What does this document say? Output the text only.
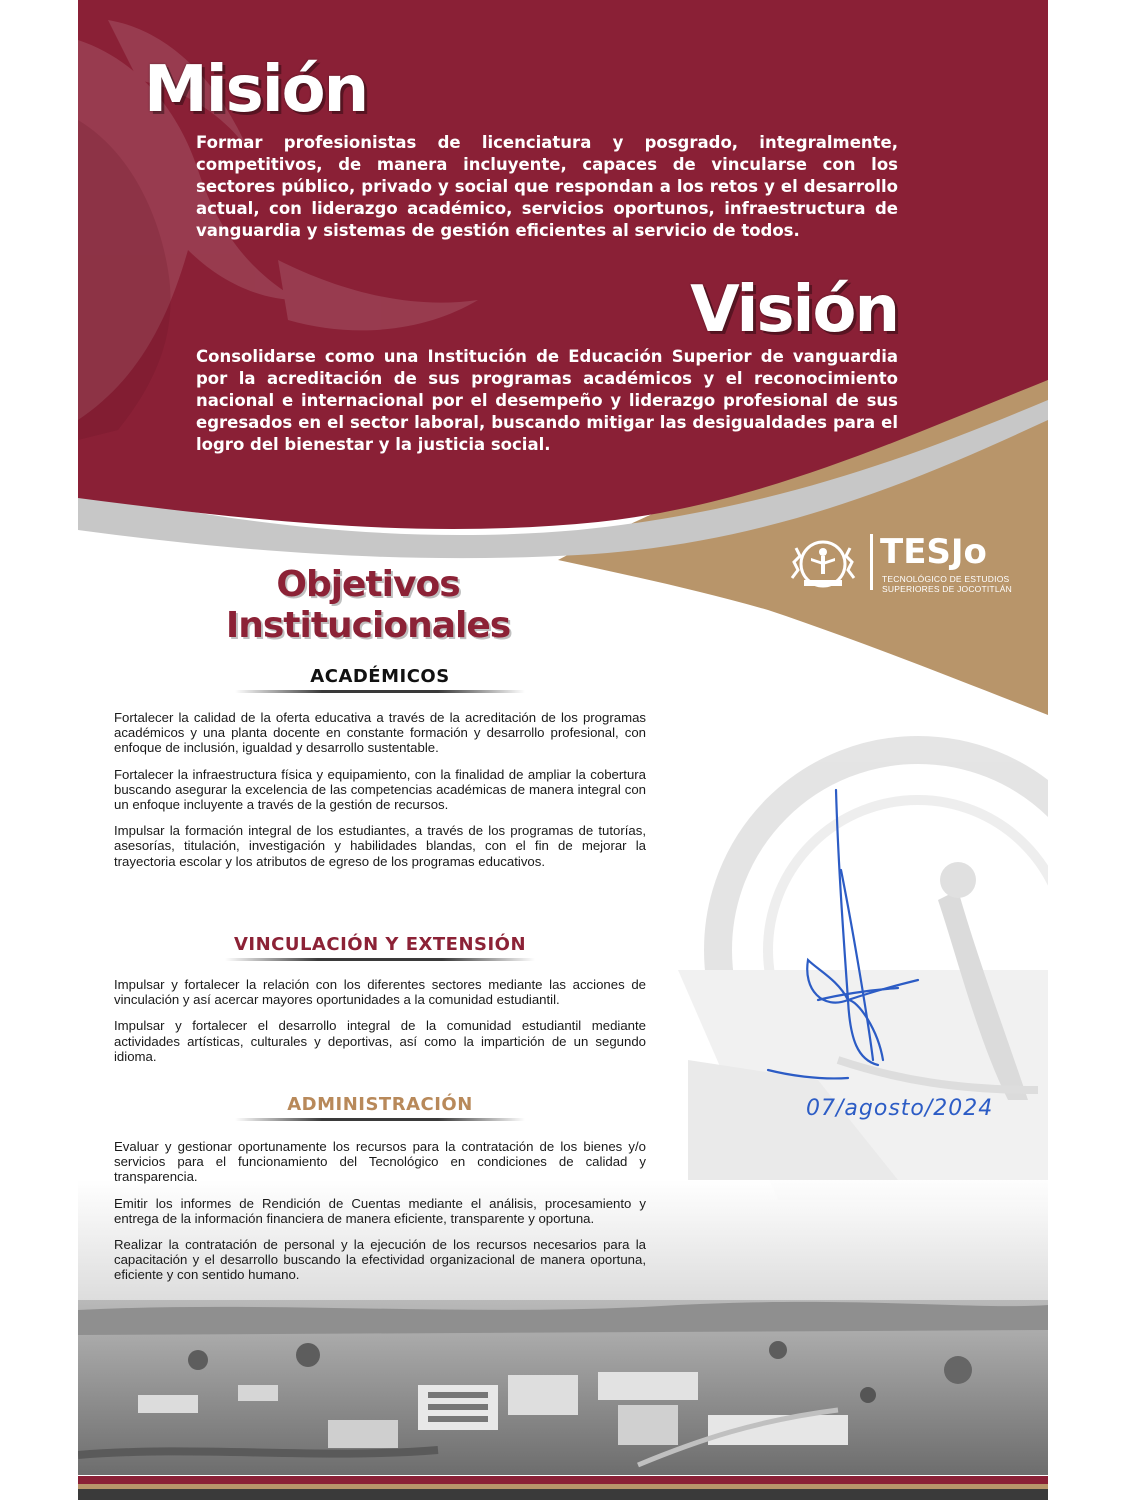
Misión

Formar profesionistas de licenciatura y posgrado, integralmente, competitivos, de manera incluyente, capaces de vincularse con los sectores público, privado y social que respondan a los retos y el desarrollo actual, con liderazgo académico, servicios oportunos, infraestructura de vanguardia y sistemas de gestión eficientes al servicio de todos.

Visión

Consolidarse como una Institución de Educación Superior de vanguardia por la acreditación de sus programas académicos y el reconocimiento nacional e internacional por el desempeño y liderazgo profesional de sus egresados en el sector laboral, buscando mitigar las desigualdades para el logro del bienestar y la justicia social.

TESJo

TECNOLÓGICO DE ESTUDIOS

SUPERIORES DE JOCOTITLÁN

Objetivos

Institucionales

ACADÉMICOS

Fortalecer la calidad de la oferta educativa a través de la acreditación de los programas académicos y una planta docente en constante formación y desarrollo profesional, con enfoque de inclusión, igualdad y desarrollo sustentable.

Fortalecer la infraestructura física y equipamiento, con la finalidad de ampliar la cobertura buscando asegurar la excelencia de las competencias académicas de manera integral con un enfoque incluyente a través de la gestión de recursos.

Impulsar la formación integral de los estudiantes, a través de los programas de tutorías, asesorías, titulación, investigación y habilidades blandas, con el fin de mejorar la trayectoria escolar y los atributos de egreso de los programas educativos.

VINCULACIÓN Y EXTENSIÓN

Impulsar y fortalecer la relación con los diferentes sectores mediante las acciones de vinculación y así acercar mayores oportunidades a la comunidad estudiantil.

Impulsar y fortalecer el desarrollo integral de la comunidad estudiantil mediante actividades artísticas, culturales y deportivas, así como la impartición de un segundo idioma.

ADMINISTRACIÓN

Evaluar y gestionar oportunamente los recursos para la contratación de los bienes y/o servicios para el funcionamiento del Tecnológico en condiciones de calidad y transparencia.

Emitir los informes de Rendición de Cuentas mediante el análisis, procesamiento y entrega de la información financiera de manera eficiente, transparente y oportuna.

Realizar la contratación de personal y la ejecución de los recursos necesarios para la capacitación y el desarrollo buscando la efectividad organizacional de manera oportuna, eficiente y con sentido humano.

07/agosto/2024
